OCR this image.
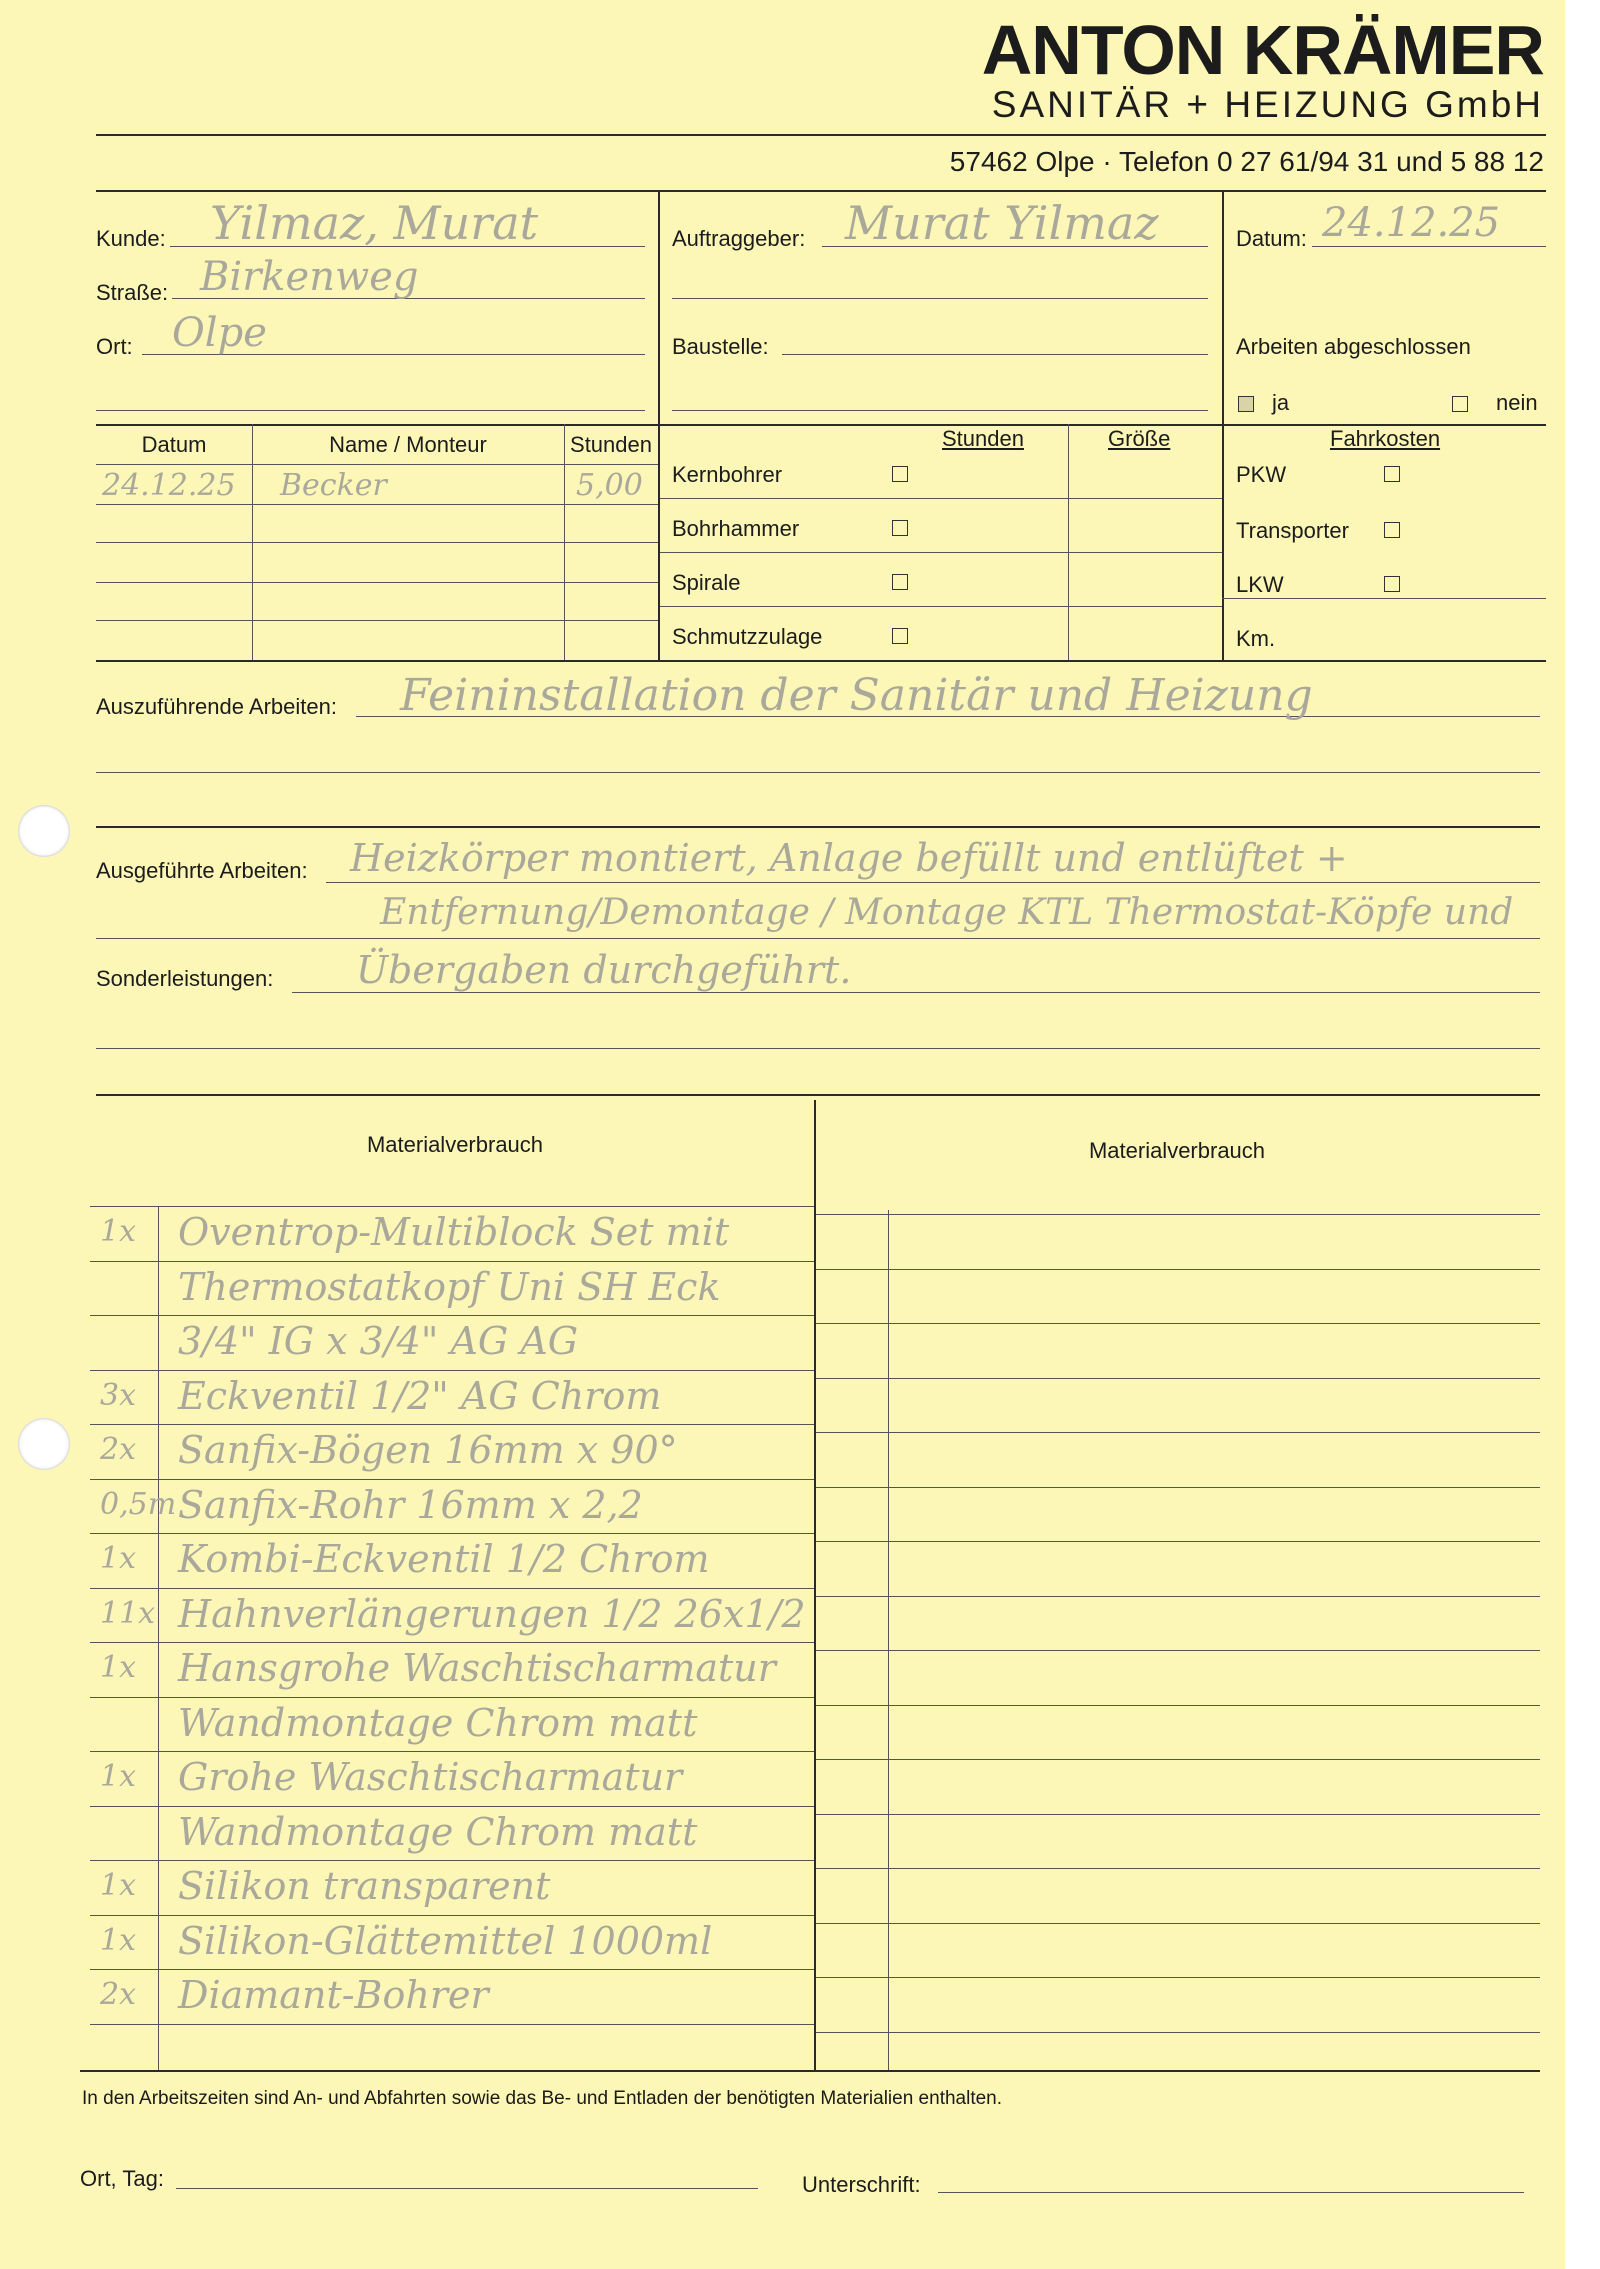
ANTON KRÄMER
SANITÄR + HEIZUNG GmbH
57462 Olpe · Telefon 0 27 61/94 31 und 5 88 12
Kunde: Yilmaz, Murat
Straße: Birkenweg
Ort: Olpe
Auftraggeber: Murat Yilmaz
Baustelle:
Datum: 24.12.25
Arbeiten abgeschlossen
ja	nein
Datum	Name / Monteur	Stunden
24.12.25 Becker	5,00
Stunden	Größe
Kernbohrer
Bohrhammer
Spirale
Schmutzzulage
Fahrkosten
PKW
Transporter
LKW
Km.
Auszuführende Arbeiten: Feininstallation der Sanitär und Heizung
Ausgeführte Arbeiten: Heizkörper montiert, Anlage befüllt und entlüftet +
Entfernung/Demontage / Montage KTL Thermostat-Köpfe und
Sonderleistungen: Übergaben durchgeführt.
Materialverbrauch	Materialverbrauch
1x Oventrop-Multiblock Set mit
Thermostatkopf Uni SH Eck
3/4" IG x 3/4" AG AG
3x Eckventil 1/2" AG Chrom
2x Sanfix-Bögen 16mm x 90°
0,5m Sanfix-Rohr 16mm x 2,2
1x Kombi-Eckventil 1/2 Chrom
11x Hahnverlängerungen 1/2 26x1/2
1x Hansgrohe Waschtischarmatur
Wandmontage Chrom matt
1x Grohe Waschtischarmatur
Wandmontage Chrom matt
1x Silikon transparent
1x Silikon-Glättemittel 1000ml
2x Diamant-Bohrer
In den Arbeitszeiten sind An- und Abfahrten sowie das Be- und Entladen der benötigten Materialien enthalten.
Ort, Tag:	Unterschrift:
